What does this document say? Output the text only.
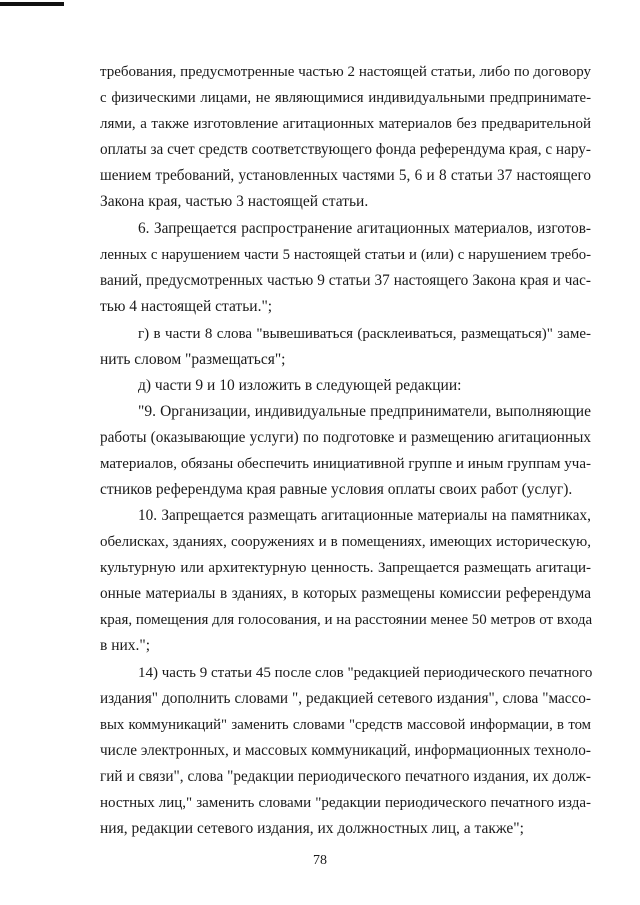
требования, предусмотренные частью 2 настоящей статьи, либо по договору
с физическими лицами, не являющимися индивидуальными предпринимате-
лями, а также изготовление агитационных материалов без предварительной
оплаты за счет средств соответствующего фонда референдума края, с нару-
шением требований, установленных частями 5, 6 и 8 статьи 37 настоящего
Закона края, частью 3 настоящей статьи.
6. Запрещается распространение агитационных материалов, изготов-
ленных с нарушением части 5 настоящей статьи и (или) с нарушением требо-
ваний, предусмотренных частью 9 статьи 37 настоящего Закона края и час-
тью 4 настоящей статьи.";
г) в части 8 слова "вывешиваться (расклеиваться, размещаться)" заме-
нить словом "размещаться";
д) части 9 и 10 изложить в следующей редакции:
"9. Организации, индивидуальные предприниматели, выполняющие
работы (оказывающие услуги) по подготовке и размещению агитационных
материалов, обязаны обеспечить инициативной группе и иным группам уча-
стников референдума края равные условия оплаты своих работ (услуг).
10. Запрещается размещать агитационные материалы на памятниках,
обелисках, зданиях, сооружениях и в помещениях, имеющих историческую,
культурную или архитектурную ценность. Запрещается размещать агитаци-
онные материалы в зданиях, в которых размещены комиссии референдума
края, помещения для голосования, и на расстоянии менее 50 метров от входа
в них.";
14) часть 9 статьи 45 после слов "редакцией периодического печатного
издания" дополнить словами ", редакцией сетевого издания", слова "массо-
вых коммуникаций" заменить словами "средств массовой информации, в том
числе электронных, и массовых коммуникаций, информационных техноло-
гий и связи", слова "редакции периодического печатного издания, их долж-
ностных лиц," заменить словами "редакции периодического печатного изда-
ния, редакции сетевого издания, их должностных лиц, а также";
78
